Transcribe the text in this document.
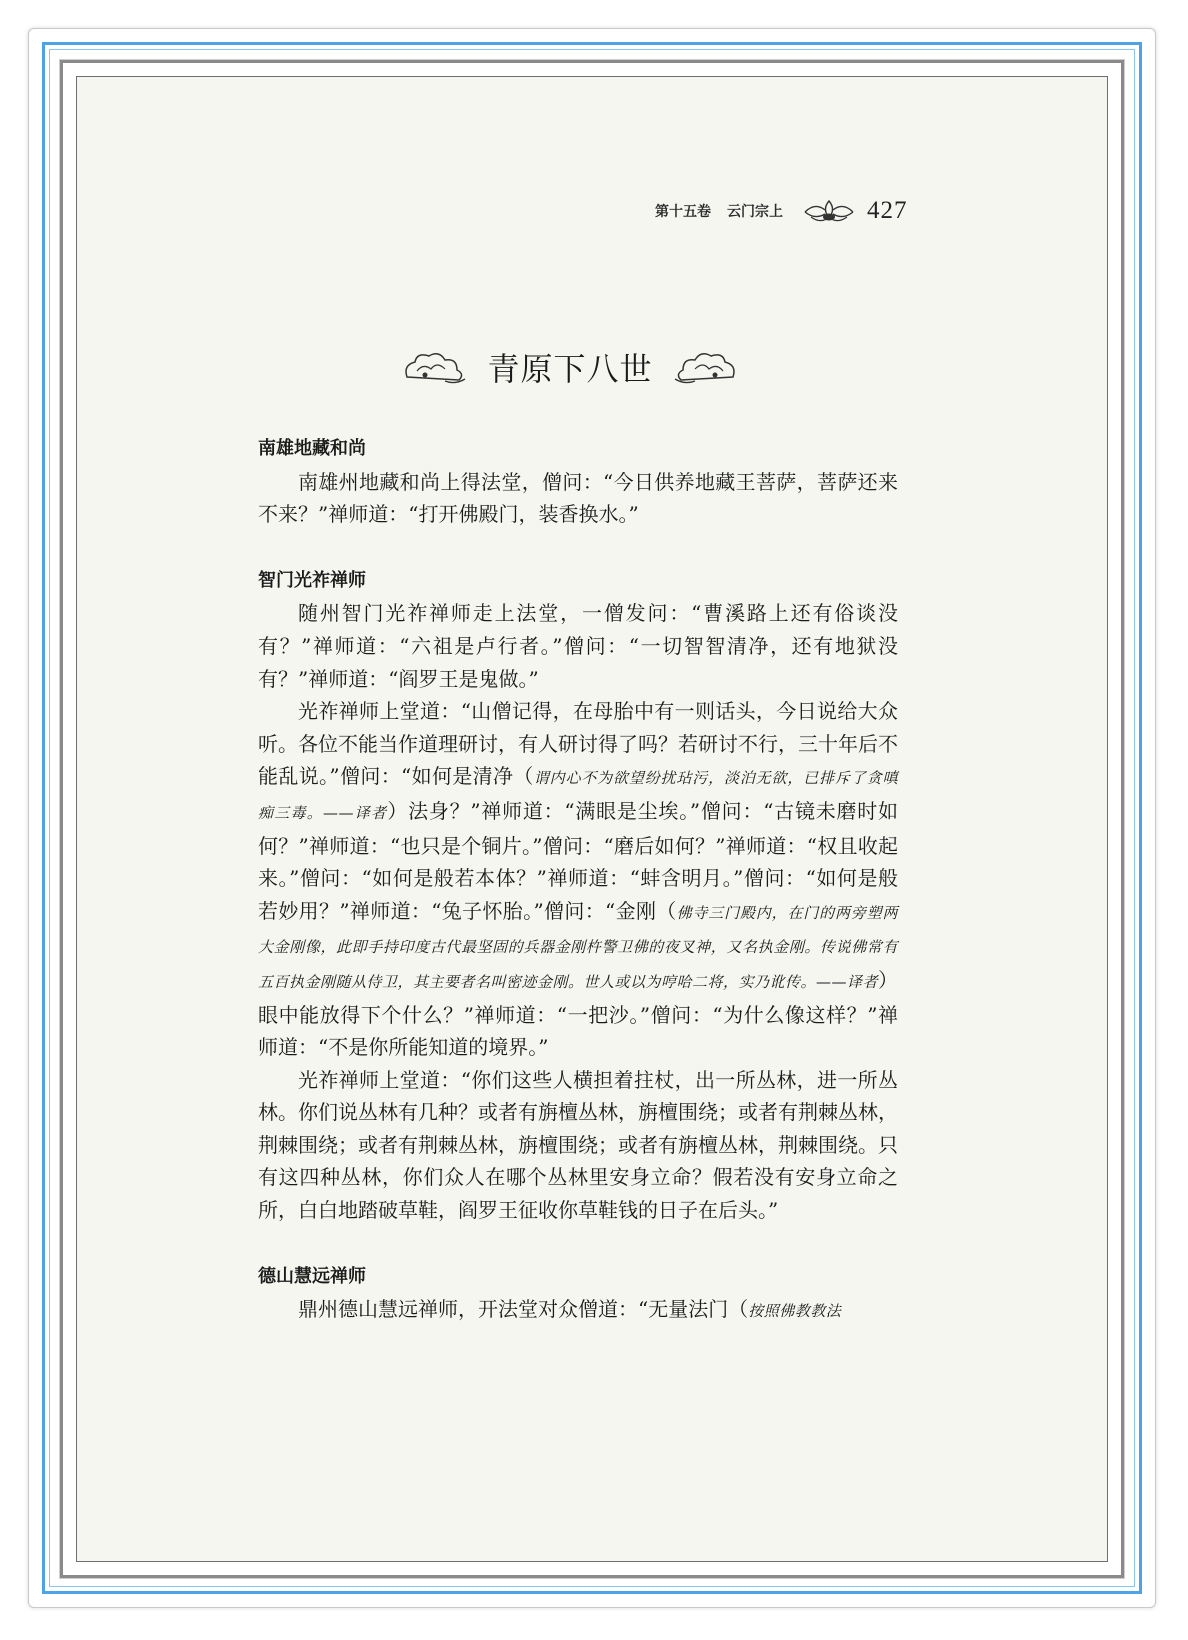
第十五卷 云门宗上	427
青原下八世
南雄地藏和尚

南雄州地藏和尚上得法堂，僧问：“今日供养地藏王菩萨，菩萨还来不来？”禅师道：“打开佛殿门，装香换水。”

智门光祚禅师

随州智门光祚禅师走上法堂，一僧发问：“曹溪路上还有俗谈没有？”禅师道：“六祖是卢行者。”僧问：“一切智智清净，还有地狱没有？”禅师道：“阎罗王是鬼做。”

光祚禅师上堂道：“山僧记得，在母胎中有一则话头，今日说给大众听。各位不能当作道理研讨，有人研讨得了吗？若研讨不行，三十年后不能乱说。”僧问：“如何是清净（谓内心不为欲望纷扰玷污，淡泊无欲，已排斥了贪嗔痴三毒。——译者）法身？”禅师道：“满眼是尘埃。”僧问：“古镜未磨时如何？”禅师道：“也只是个铜片。”僧问：“磨后如何？”禅师道：“权且收起来。”僧问：“如何是般若本体？”禅师道：“蚌含明月。”僧问：“如何是般若妙用？”禅师道：“兔子怀胎。”僧问：“金刚（佛寺三门殿内，在门的两旁塑两大金刚像，此即手持印度古代最坚固的兵器金刚杵警卫佛的夜叉神，又名执金刚。传说佛常有五百执金刚随从侍卫，其主要者名叫密迹金刚。世人或以为哼哈二将，实乃讹传。——译者）眼中能放得下个什么？”禅师道：“一把沙。”僧问：“为什么像这样？”禅师道：“不是你所能知道的境界。”

光祚禅师上堂道：“你们这些人横担着拄杖，出一所丛林，进一所丛林。你们说丛林有几种？或者有旃檀丛林，旃檀围绕；或者有荆棘丛林，荆棘围绕；或者有荆棘丛林，旃檀围绕；或者有旃檀丛林，荆棘围绕。只有这四种丛林，你们众人在哪个丛林里安身立命？假若没有安身立命之所，白白地踏破草鞋，阎罗王征收你草鞋钱的日子在后头。”

德山慧远禅师

鼎州德山慧远禅师，开法堂对众僧道：“无量法门（按照佛教教法
